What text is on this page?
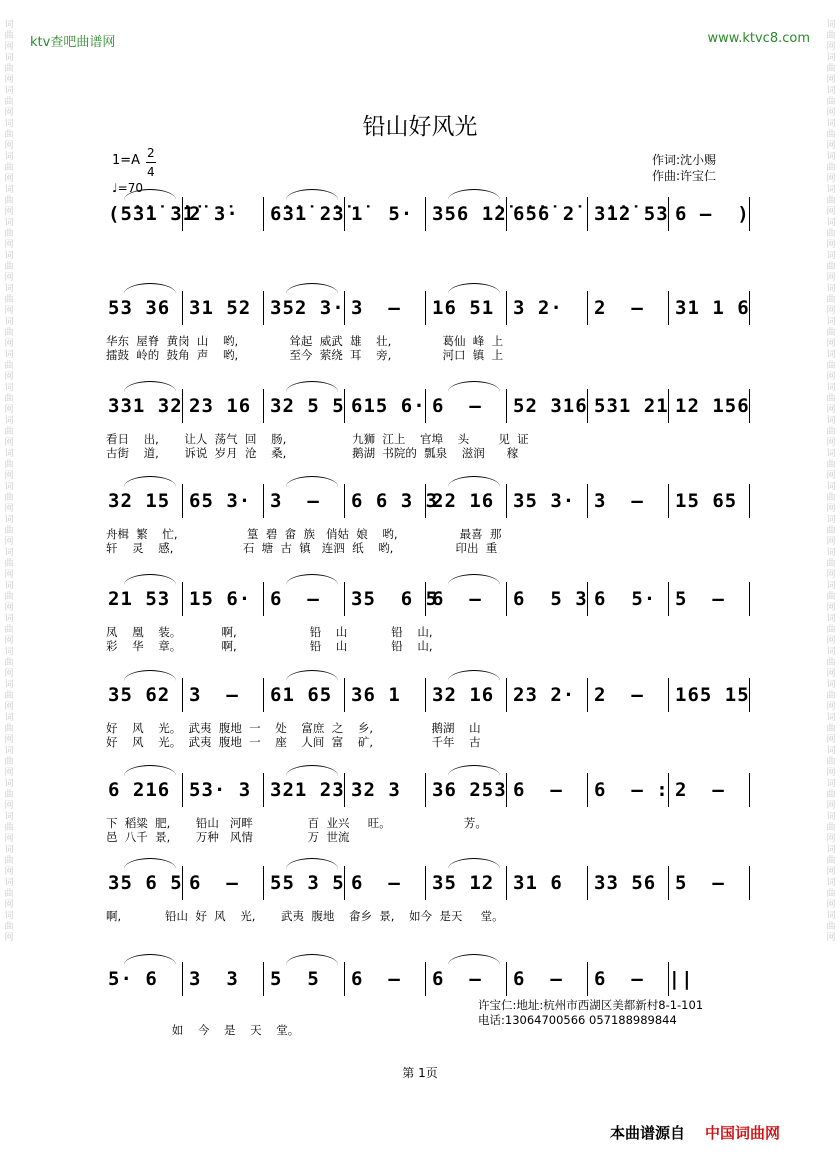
词曲网词曲网词曲网词曲网词曲网词曲网词曲网词曲网词曲网词曲网词曲网词曲网词曲网词曲网词曲网词曲网词曲网词曲网词曲网词曲网词曲网词曲网词曲网词曲网词曲网词曲网词曲网词曲网
词曲网词曲网词曲网词曲网词曲网词曲网词曲网词曲网词曲网词曲网词曲网词曲网词曲网词曲网词曲网词曲网词曲网词曲网词曲网词曲网词曲网词曲网词曲网词曲网词曲网词曲网词曲网词曲网
ktv查吧曲谱网	www.ktvc8.com
铅山好风光
$1=A \frac{2}{4}$
♩=70
作词:沈小赐
作曲:许宝仁
(5̇3̇1̇ 3̇1̇
2̇ 3̇· 6̇3̇1̇ 2̇3̇ 1̇  5· 356 1̇2̇ 6̇5̇6̇ 2̇ 3̇1̇2̇ 53 6 –  )
53 36 31 52 352 3· 3  – 16 51 3 2· 2  – 31 1 6
华东  屋脊  黄岗  山    哟,              耸起  威武  雄    壮,              葛仙  峰  上
擂鼓  岭的  鼓角  声    哟,              至今  萦绕  耳    旁,              河口  镇  上
331 32 23 16 32 5 5 615 6· 6  – 52 316 531 21 12 156
看日    出,       让人  荡气  回    肠,                  九狮  江上    官埠    头        见  证
古街    道,       诉说  岁月  沧    桑,                  鹅湖  书院的  瓢泉    滋润      稼
32 15 65 3· 3  – 6 6 3 3
22 16 35 3· 3  – 15 65
舟楫  繁    忙,                   篁  碧  畲  族   俏姑  娘    哟,                 最喜  那
轩    灵    感,                   石  塘  古  镇   连泗  纸    哟,                 印出  重
21 53 15 6· 6  – 35  6 5
6  – 6  5 3 6  5· 5  –
凤    凰    装。           啊,                    铅    山            铅    山,
彩    华    章。           啊,                    铅    山            铅    山,
35 62 3  – 61 65 36 1 32 16 23 2· 2  – 165 15
好    风    光。  武夷  腹地  一    处    富庶  之    乡,                鹅湖    山
好    风    光。  武夷  腹地  一    座    人间  富    矿,                千年    古
6 216 53· 3 321 23 32 3 36 253 6  – 6  – : 2  –
下  稻粱  肥,       铅山   河畔               百  业兴     旺。                    芳。
邑  八千  景,       万种   风情               万  世流
35 6 5 6  – 55 3 5 6  – 35 12 31 6 33 56 5  –
啊,            铅山  好  风    光,       武夷  腹地    畲乡  景,    如今  是天     堂。
5· 6 3  3 5  5 6  – 6  – 6  – 6  –  ||
如    今    是    天    堂。
许宝仁:地址:杭州市西湖区美都新村8-1-101
电话:13064700566 057188989844
第 1页
本曲谱源自 中国词曲网
